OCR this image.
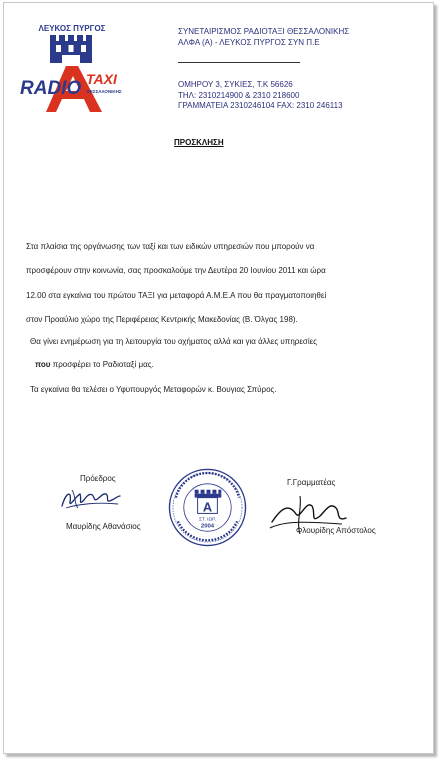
ΛΕΥΚΟΣ ΠΥΡΓΟΣ
RADIO TAXI
ΘΕΣΣΑΛΟΝΙΚΗΣ
ΣΥΝΕΤΑΙΡΙΣΜΟΣ ΡΑΔΙΟΤΑΞΙ ΘΕΣΣΑΛΟΝΙΚΗΣ
ΑΛΦΑ (Α) - ΛΕΥΚΟΣ ΠΥΡΓΟΣ ΣΥΝ Π.Ε
ΟΜΗΡΟΥ 3, ΣΥΚΙΕΣ, Τ.Κ 56626
ΤΗΛ: 2310214900 & 2310 218600
ΓΡΑΜΜΑΤΕΙΑ 2310246104 FAX: 2310 246113
ΠΡΟΣΚΛΗΣΗ
Στα πλαίσια της οργάνωσης των ταξί και των ειδικών υπηρεσιών που μπορούν να
προσφέρουν στην κοινωνία, σας προσκαλούμε την Δευτέρα 20 Ιουνίου 2011 και ώρα
12.00 στα εγκαίνια του πρώτου ΤΑΞΙ για μεταφορά Α.Μ.Ε.Α που θα πραγματοποιηθεί
στον Προαύλιο χώρο της Περιφέρειας Κεντρικής Μακεδονίας (Β. Όλγας 198).
Θα γίνει ενημέρωση για τη λειτουργία του οχήματος αλλά και για άλλες υπηρεσίες
που προσφέρει το Ραδιοταξί μας.
Τα εγκαίνια θα τελέσει ο Υφυπουργός Μεταφορών κ. Βουγιας Σπύρος.
Πρόεδρος
Μαυρίδης Αθανάσιος
Α
ΣΤ. ΙΩΡ.
2004
Γ.Γραμματέας
Φλουρίδης Απόστολος
